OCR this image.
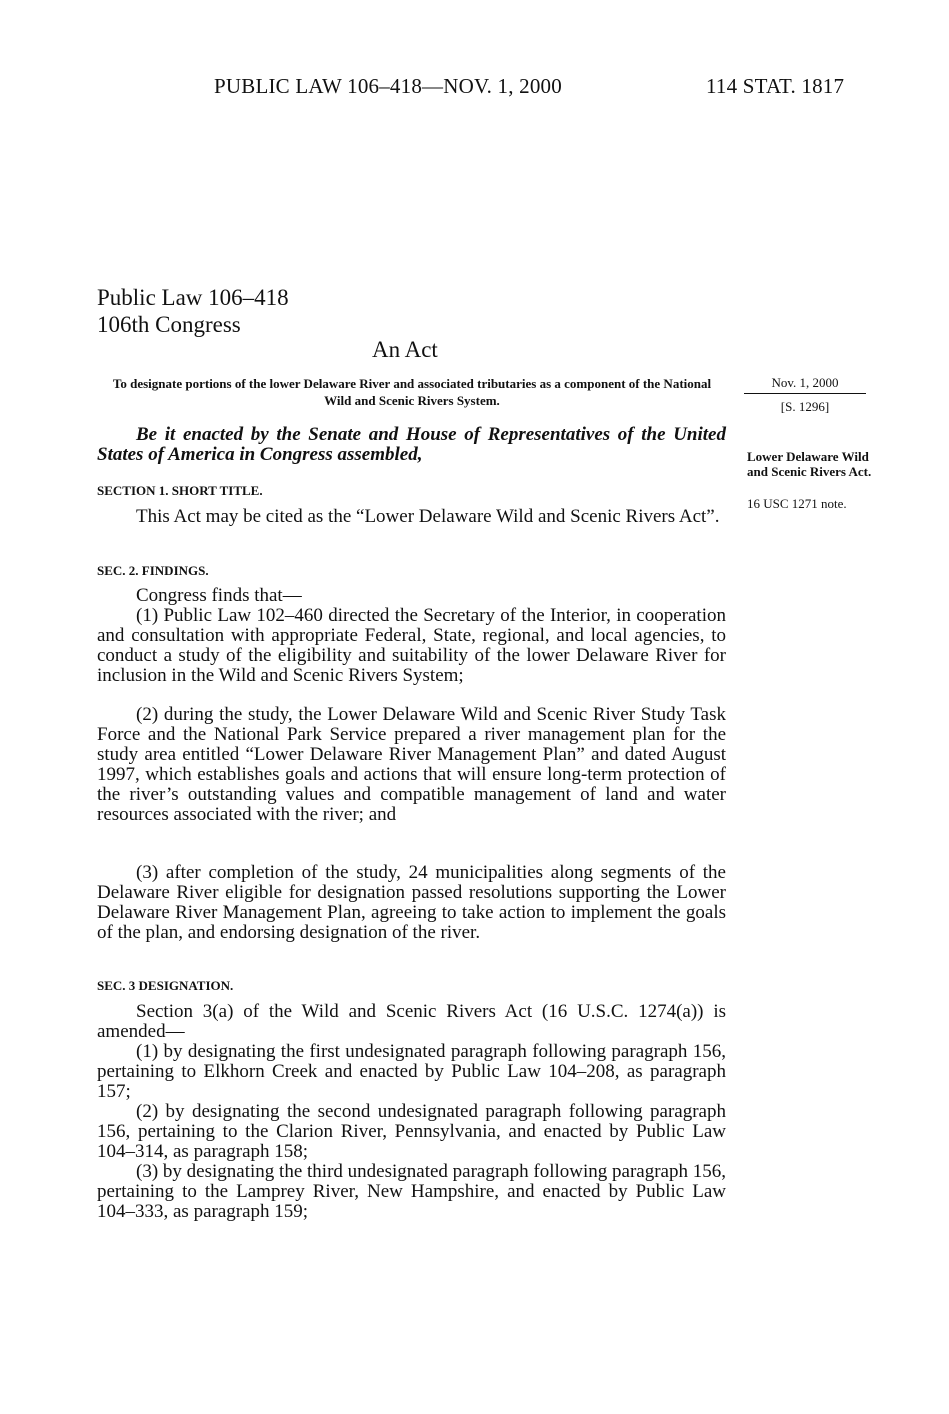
PUBLIC LAW 106–418—NOV. 1, 2000	114 STAT. 1817
Public Law 106–418
106th Congress
An Act
To designate portions of the lower Delaware River and associated tributaries as a component of the National Wild and Scenic Rivers System.
Nov. 1, 2000
[S. 1296]
Lower Delaware Wild and Scenic Rivers Act.
16 USC 1271 note.

Be it enacted by the Senate and House of Representatives of the United States of America in Congress assembled,

SECTION 1. SHORT TITLE.

This Act may be cited as the “Lower Delaware Wild and Scenic Rivers Act”.

SEC. 2. FINDINGS.

Congress finds that—

(1) Public Law 102–460 directed the Secretary of the Interior, in cooperation and consultation with appropriate Federal, State, regional, and local agencies, to conduct a study of the eligibility and suitability of the lower Delaware River for inclusion in the Wild and Scenic Rivers System;

(2) during the study, the Lower Delaware Wild and Scenic River Study Task Force and the National Park Service prepared a river management plan for the study area entitled “Lower Delaware River Management Plan” and dated August 1997, which establishes goals and actions that will ensure long-term protection of the river’s outstanding values and compatible management of land and water resources associated with the river; and

(3) after completion of the study, 24 municipalities along segments of the Delaware River eligible for designation passed resolutions supporting the Lower Delaware River Management Plan, agreeing to take action to implement the goals of the plan, and endorsing designation of the river.

SEC. 3 DESIGNATION.

Section 3(a) of the Wild and Scenic Rivers Act (16 U.S.C. 1274(a)) is amended—

(1) by designating the first undesignated paragraph following paragraph 156, pertaining to Elkhorn Creek and enacted by Public Law 104–208, as paragraph 157;

(2) by designating the second undesignated paragraph following paragraph 156, pertaining to the Clarion River, Pennsylvania, and enacted by Public Law 104–314, as paragraph 158;

(3) by designating the third undesignated paragraph following paragraph 156, pertaining to the Lamprey River, New Hampshire, and enacted by Public Law 104–333, as paragraph 159;
